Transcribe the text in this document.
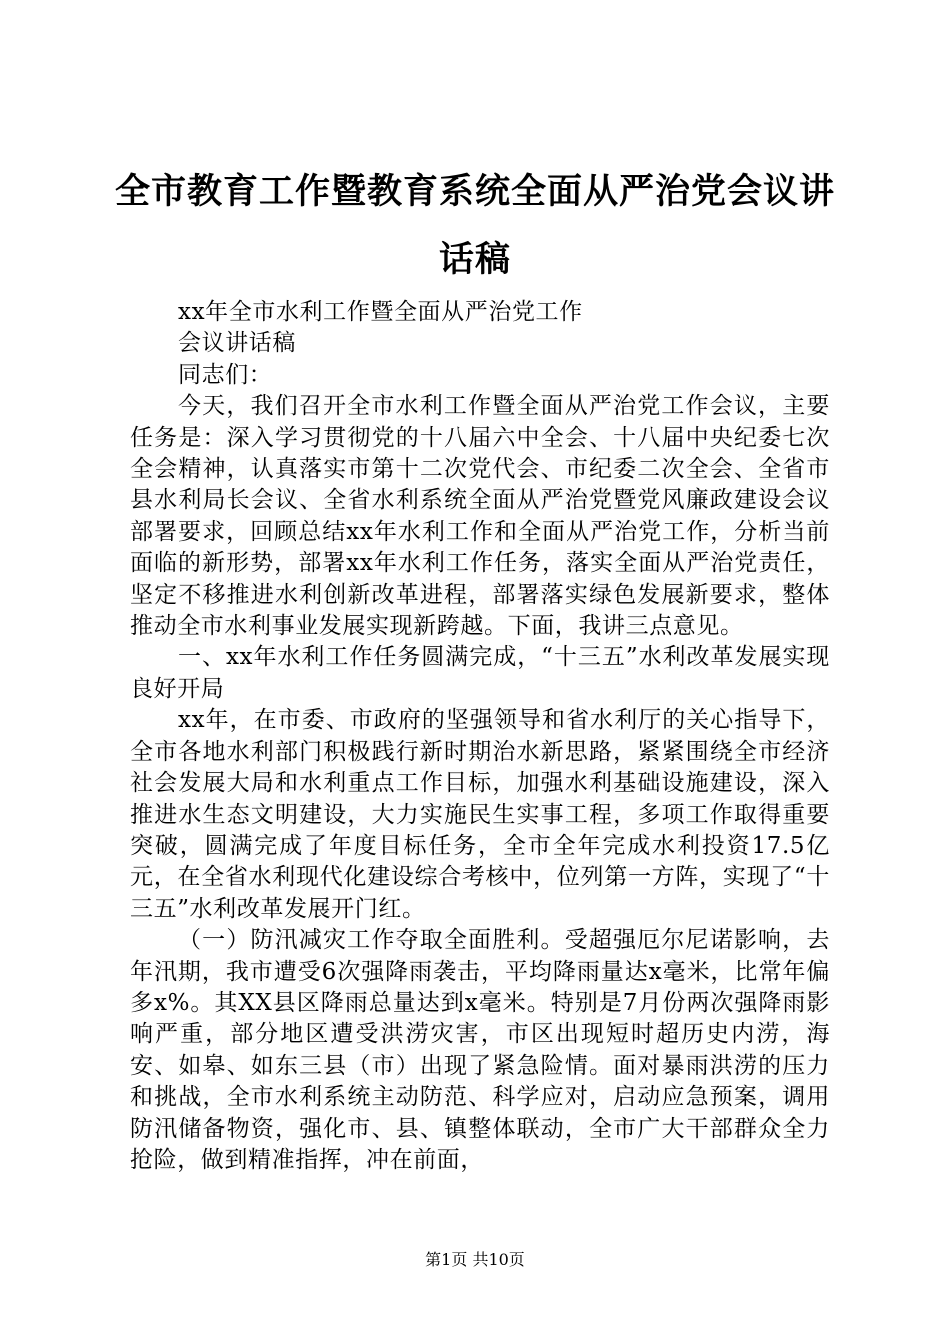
全市教育工作暨教育系统全面从严治党会议讲话稿

xx年全市水利工作暨全面从严治党工作

会议讲话稿

同志们：

今天，我们召开全市水利工作暨全面从严治党工作会议，主要任务是：深入学习贯彻党的十八届六中全会、十八届中央纪委七次全会精神，认真落实市第十二次党代会、市纪委二次全会、全省市县水利局长会议、全省水利系统全面从严治党暨党风廉政建设会议部署要求，回顾总结xx年水利工作和全面从严治党工作，分析当前面临的新形势，部署xx年水利工作任务，落实全面从严治党责任，坚定不移推进水利创新改革进程，部署落实绿色发展新要求，整体推动全市水利事业发展实现新跨越。下面，我讲三点意见。

一、xx年水利工作任务圆满完成，“十三五”水利改革发展实现良好开局

xx年，在市委、市政府的坚强领导和省水利厅的关心指导下，全市各地水利部门积极践行新时期治水新思路，紧紧围绕全市经济社会发展大局和水利重点工作目标，加强水利基础设施建设，深入推进水生态文明建设，大力实施民生实事工程，多项工作取得重要突破，圆满完成了年度目标任务，全市全年完成水利投资17.5亿元，在全省水利现代化建设综合考核中，位列第一方阵，实现了“十三五”水利改革发展开门红。

（一）防汛减灾工作夺取全面胜利。受超强厄尔尼诺影响，去年汛期，我市遭受6次强降雨袭击，平均降雨量达x毫米，比常年偏多x%。其XX县区降雨总量达到x毫米。特别是7月份两次强降雨影响严重，部分地区遭受洪涝灾害，市区出现短时超历史内涝，海安、如皋、如东三县（市）出现了紧急险情。面对暴雨洪涝的压力和挑战，全市水利系统主动防范、科学应对，启动应急预案，调用防汛储备物资，强化市、县、镇整体联动，全市广大干部群众全力抢险，做到精准指挥，冲在前面，

第1页 共10页
